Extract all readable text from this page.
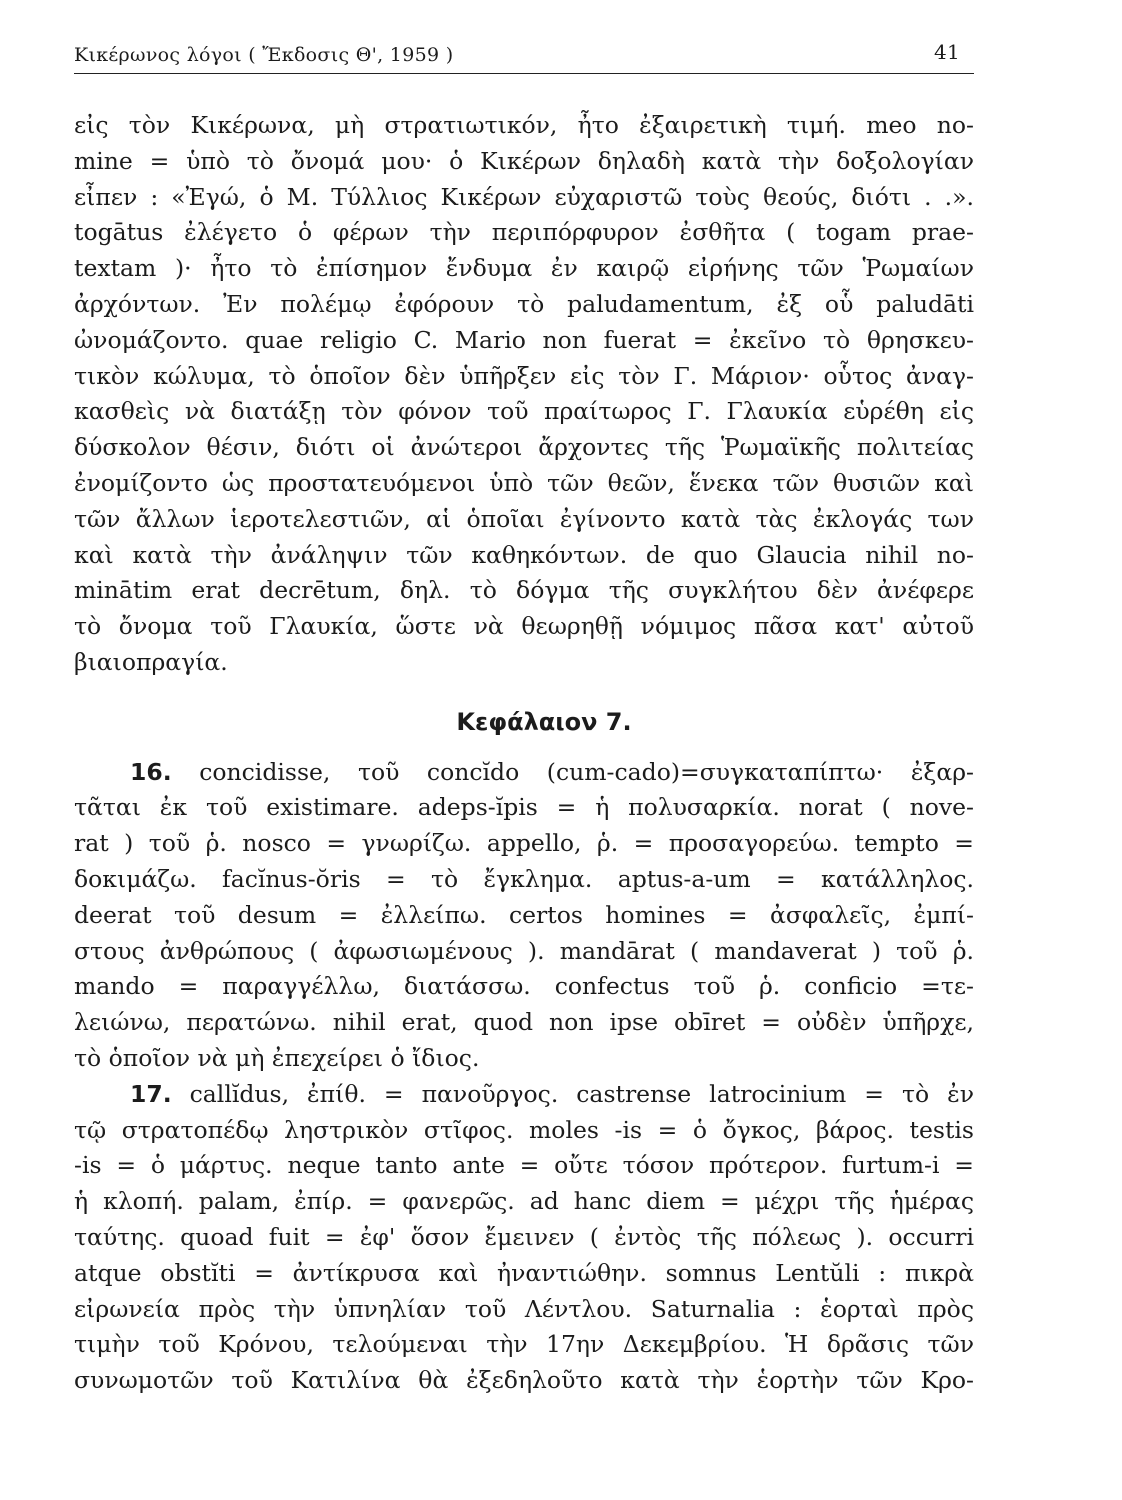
Κικέρωνος λόγοι ( Ἔκδοσις Θ', 1959 )	41
εἰς τὸν Κικέρωνα, μὴ στρατιωτικόν, ἦτο ἐξαιρετικὴ τιμή. meo no-
mine = ὑπὸ τὸ ὄνομά μου· ὁ Κικέρων δηλαδὴ κατὰ τὴν δοξολογίαν
εἶπεν : «Ἐγώ, ὁ Μ. Τύλλιος Κικέρων εὐχαριστῶ τοὺς θεούς, διότι . .».
togātus ἐλέγετο ὁ φέρων τὴν περιπόρφυρον ἐσθῆτα ( togam prae-
textam )· ἦτο τὸ ἐπίσημον ἔνδυμα ἐν καιρῷ εἰρήνης τῶν Ῥωμαίων
ἀρχόντων. Ἐν πολέμῳ ἐφόρουν τὸ paludamentum, ἐξ οὗ paludāti
ὠνομάζοντο. quae religio C. Mario non fuerat = ἐκεῖνο τὸ θρησκευ-
τικὸν κώλυμα, τὸ ὁποῖον δὲν ὑπῆρξεν εἰς τὸν Γ. Μάριον· οὗτος ἀναγ-
κασθεὶς νὰ διατάξῃ τὸν φόνον τοῦ πραίτωρος Γ. Γλαυκία εὑρέθη εἰς
δύσκολον θέσιν, διότι οἱ ἀνώτεροι ἄρχοντες τῆς Ῥωμαϊκῆς πολιτείας
ἐνομίζοντο ὡς προστατευόμενοι ὑπὸ τῶν θεῶν, ἕνεκα τῶν θυσιῶν καὶ
τῶν ἄλλων ἱεροτελεστιῶν, αἱ ὁποῖαι ἐγίνοντο κατὰ τὰς ἐκλογάς των
καὶ κατὰ τὴν ἀνάληψιν τῶν καθηκόντων. de quo Glaucia nihil no-
minātim erat decrētum, δηλ. τὸ δόγμα τῆς συγκλήτου δὲν ἀνέφερε
τὸ ὄνομα τοῦ Γλαυκία, ὥστε νὰ θεωρηθῇ νόμιμος πᾶσα κατ' αὐτοῦ
βιαιοπραγία.
Κεφάλαιον 7.
16. concidisse, τοῦ concĭdo (cum-cado)=συγκαταπίπτω· ἐξαρ-
τᾶται ἐκ τοῦ existimare. adeps-ĭpis = ἡ πολυσαρκία. norat ( nove-
rat ) τοῦ ῥ. nosco = γνωρίζω. appello, ῥ. = προσαγορεύω. tempto =
δοκιμάζω. facĭnus-ŏris = τὸ ἔγκλημα. aptus-a-um = κατάλληλος.
deerat τοῦ desum = ἐλλείπω. certos homines = ἀσφαλεῖς, ἐμπί-
στους ἀνθρώπους ( ἀφωσιωμένους ). mandārat ( mandaverat ) τοῦ ῥ.
mando = παραγγέλλω, διατάσσω. confectus τοῦ ῥ. conficio =τε-
λειώνω, περατώνω. nihil erat, quod non ipse obīret = οὐδὲν ὑπῆρχε,
τὸ ὁποῖον νὰ μὴ ἐπεχείρει ὁ ἴδιος.
17. callĭdus, ἐπίθ. = πανοῦργος. castrense latrocinium = τὸ ἐν
τῷ στρατοπέδῳ ληστρικὸν στῖφος. moles -is = ὁ ὄγκος, βάρος. testis
-is = ὁ μάρτυς. neque tanto ante = οὔτε τόσον πρότερον. furtum-i =
ἡ κλοπή. palam, ἐπίρ. = φανερῶς. ad hanc diem = μέχρι τῆς ἡμέρας
ταύτης. quoad fuit = ἐφ' ὅσον ἔμεινεν ( ἐντὸς τῆς πόλεως ). occurri
atque obstĭti = ἀντίκρυσα καὶ ἠναντιώθην. somnus Lentŭli : πικρὰ
εἰρωνεία πρὸς τὴν ὑπνηλίαν τοῦ Λέντλου. Saturnalia : ἑορταὶ πρὸς
τιμὴν τοῦ Κρόνου, τελούμεναι τὴν 17ην Δεκεμβρίου. Ἡ δρᾶσις τῶν
συνωμοτῶν τοῦ Κατιλίνα θὰ ἐξεδηλοῦτο κατὰ τὴν ἑορτὴν τῶν Κρο-
